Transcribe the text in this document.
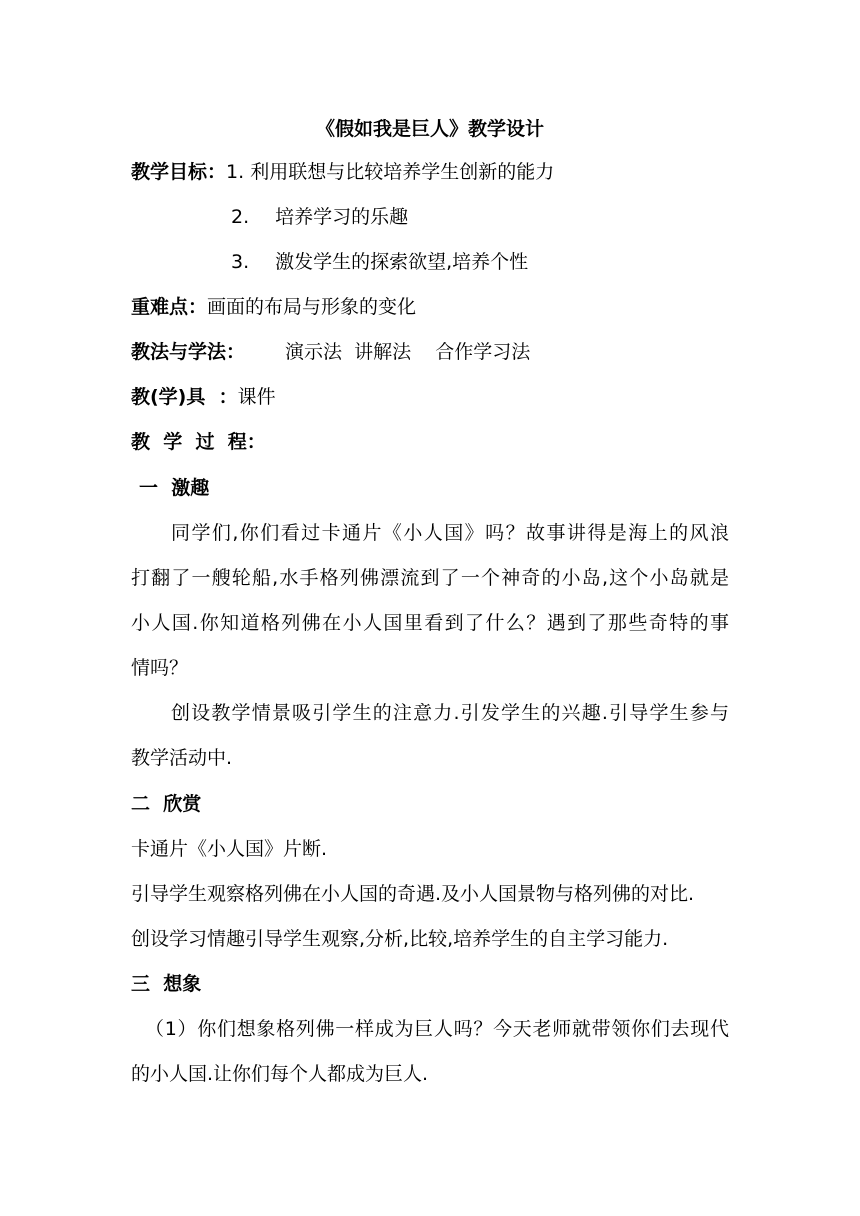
《假如我是巨人》教学设计

教学目标：1. 利用联想与比较培养学生创新的能力

2. 培养学习的乐趣

3. 激发学生的探索欲望,培养个性

重难点：画面的布局与形象的变化

教法与学法： 演示法  讲解法    合作学习法

教(学)具  ：课件

教  学  过  程：

一  激趣

同学们,你们看过卡通片《小人国》吗？故事讲得是海上的风浪

打翻了一艘轮船,水手格列佛漂流到了一个神奇的小岛,这个小岛就是

小人国.你知道格列佛在小人国里看到了什么？遇到了那些奇特的事

情吗？

创设教学情景吸引学生的注意力.引发学生的兴趣.引导学生参与

教学活动中.

二  欣赏

卡通片《小人国》片断.

引导学生观察格列佛在小人国的奇遇.及小人国景物与格列佛的对比.

创设学习情趣引导学生观察,分析,比较,培养学生的自主学习能力.

三  想象

（1）你们想象格列佛一样成为巨人吗？今天老师就带领你们去现代

的小人国.让你们每个人都成为巨人.
